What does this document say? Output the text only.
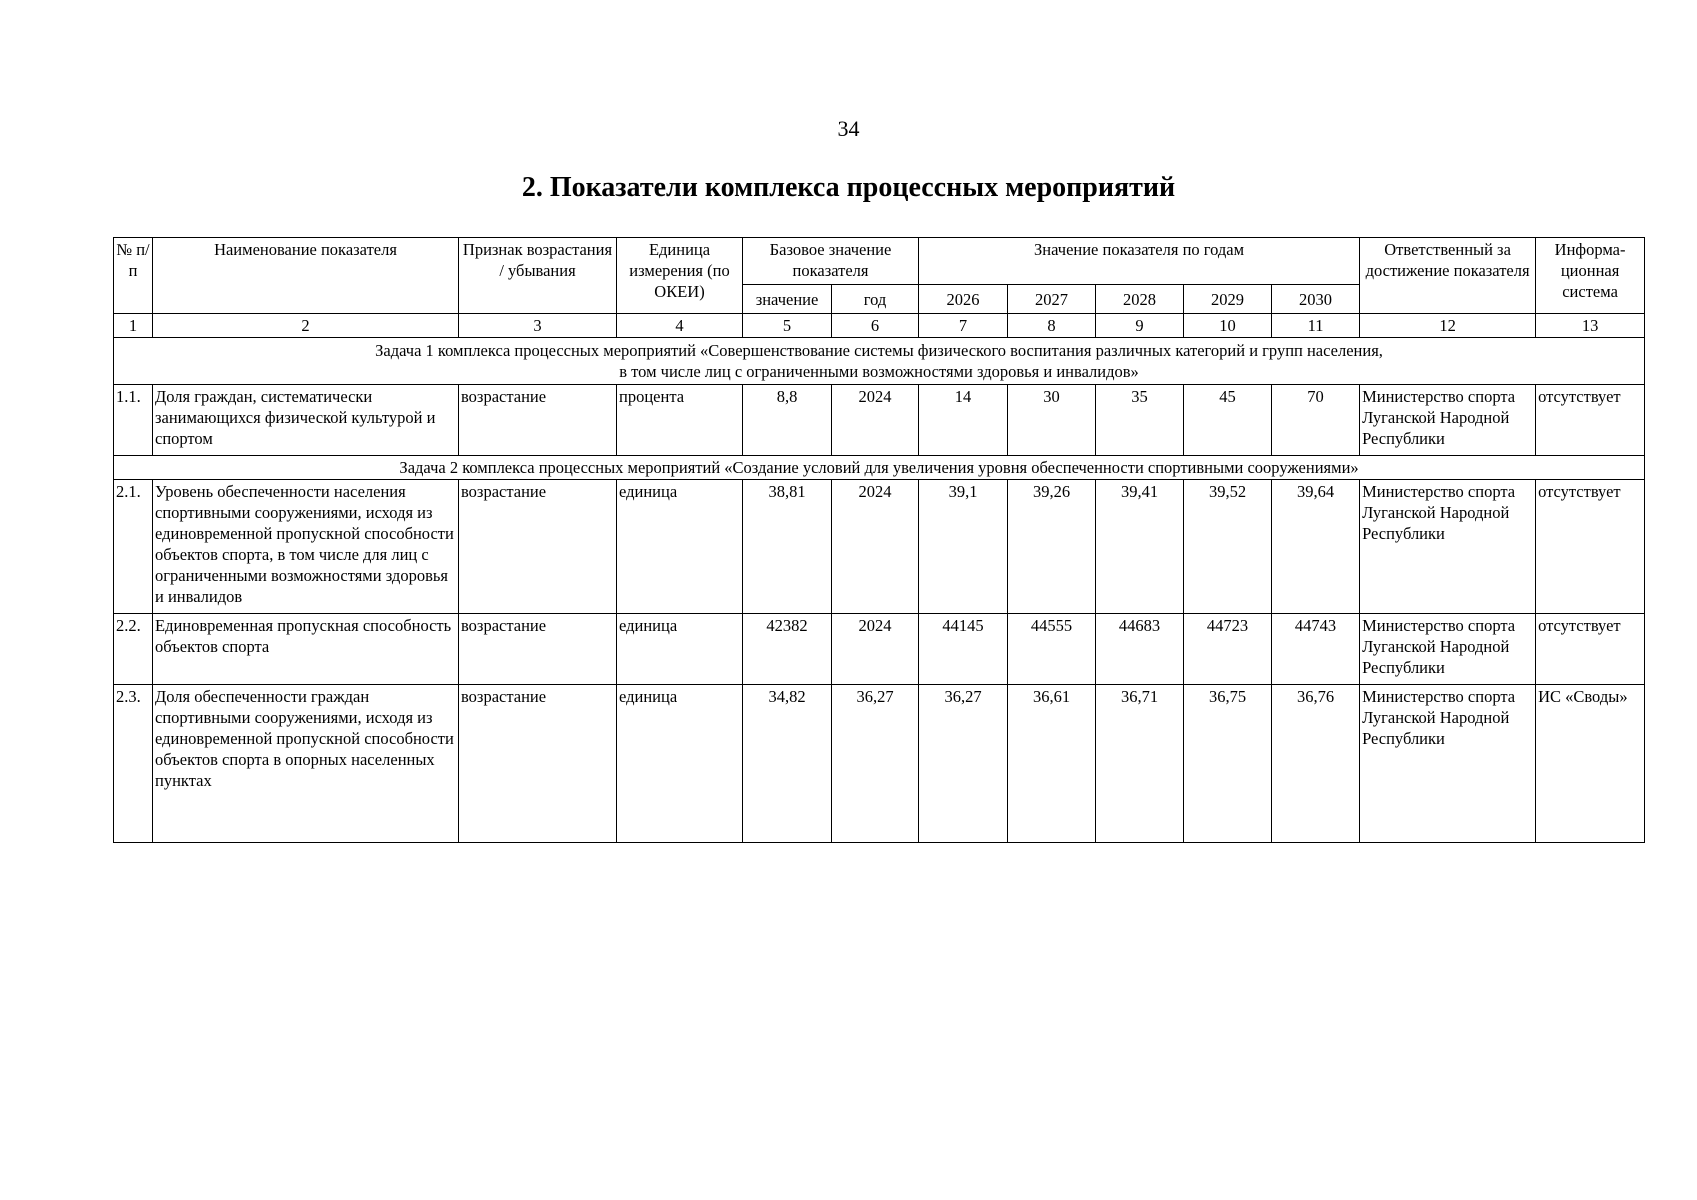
34
2. Показатели комплекса процессных мероприятий
№ п/п	Наименование показателя	Признак возрастания / убывания	Единица измерения (по ОКЕИ)	Базовое значение показателя		Значение показателя по годам					Ответственный за достижение показателя	Информа-ционная система
				значение	год	2026	2027	2028	2029	2030		
1	2	3	4	5	6	7	8	9	10	11	12	13
Задача 1 комплекса процессных мероприятий «Совершенствование системы физического воспитания различных категорий и групп населения, в том числе лиц с ограниченными возможностями здоровья и инвалидов»												
1.1.	Доля граждан, систематически занимающихся физической культурой и спортом	возрастание	процента	8,8	2024	14	30	35	45	70	Министерство спорта Луганской Народной Республики	отсутствует
Задача 2 комплекса процессных мероприятий «Создание условий для увеличения уровня обеспеченности спортивными сооружениями»												
2.1.	Уровень обеспеченности населения спортивными сооружениями, исходя из единовременной пропускной способности объектов спорта, в том числе для лиц с ограниченными возможностями здоровья и инвалидов	возрастание	единица	38,81	2024	39,1	39,26	39,41	39,52	39,64	Министерство спорта Луганской Народной Республики	отсутствует
2.2.	Единовременная пропускная способность объектов спорта	возрастание	единица	42382	2024	44145	44555	44683	44723	44743	Министерство спорта Луганской Народной Республики	отсутствует
2.3.	Доля обеспеченности граждан спортивными сооружениями, исходя из единовременной пропускной способности объектов спорта в опорных населенных пунктах	возрастание	единица	34,82	36,27	36,27	36,61	36,71	36,75	36,76	Министерство спорта Луганской Народной Республики	ИС «Своды»
